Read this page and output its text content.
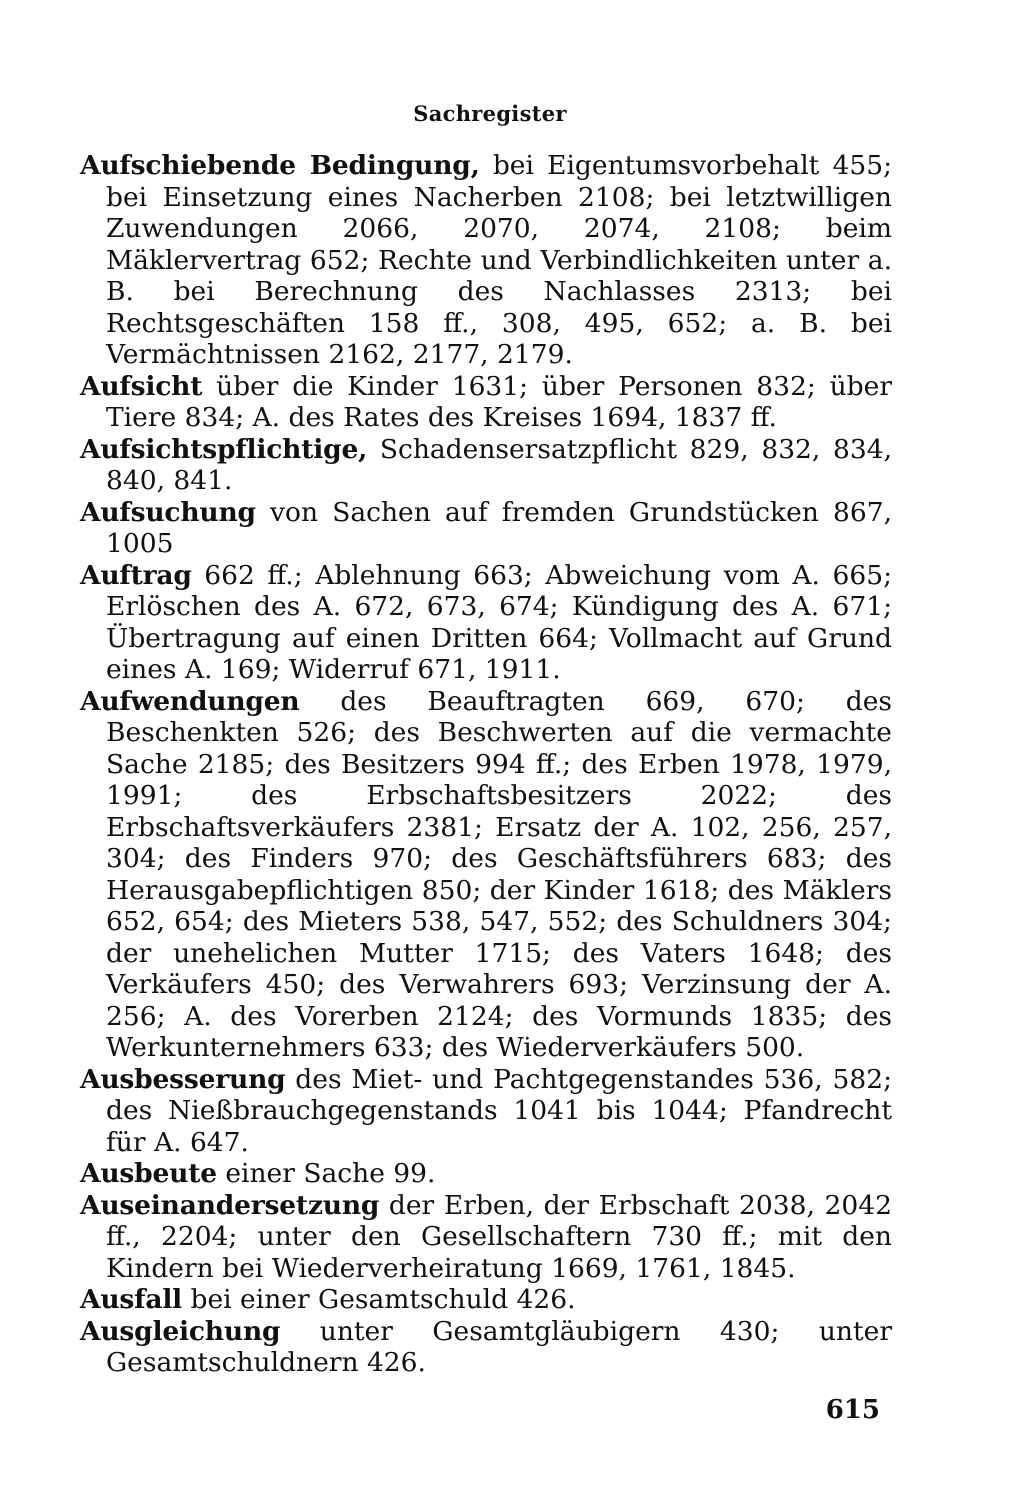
Sachregister

Aufschiebende Bedingung, bei Eigentumsvorbehalt 455; bei Einsetzung eines Nacherben 2108; bei letztwilligen Zuwendungen 2066, 2070, 2074, 2108; beim Mäklervertrag 652; Rechte und Verbindlichkeiten unter a. B. bei Berechnung des Nachlasses 2313; bei Rechtsgeschäften 158 ff., 308, 495, 652; a. B. bei Vermächtnissen 2162, 2177, 2179.

Aufsicht über die Kinder 1631; über Personen 832; über Tiere 834; A. des Rates des Kreises 1694, 1837 ff.

Aufsichtspflichtige, Schadensersatzpflicht 829, 832, 834, 840, 841.

Aufsuchung von Sachen auf fremden Grundstücken 867, 1005

Auftrag 662 ff.; Ablehnung 663; Abweichung vom A. 665; Erlöschen des A. 672, 673, 674; Kündigung des A. 671; Übertragung auf einen Dritten 664; Vollmacht auf Grund eines A. 169; Widerruf 671, 1911.

Aufwendungen des Beauftragten 669, 670; des Beschenkten 526; des Beschwerten auf die vermachte Sache 2185; des Besitzers 994 ff.; des Erben 1978, 1979, 1991; des Erbschaftsbesitzers 2022; des Erbschaftsverkäufers 2381; Ersatz der A. 102, 256, 257, 304; des Finders 970; des Geschäftsführers 683; des Herausgabepflichtigen 850; der Kinder 1618; des Mäklers 652, 654; des Mieters 538, 547, 552; des Schuldners 304; der unehelichen Mutter 1715; des Vaters 1648; des Verkäufers 450; des Verwahrers 693; Verzinsung der A. 256; A. des Vorerben 2124; des Vormunds 1835; des Werkunternehmers 633; des Wiederverkäufers 500.

Ausbesserung des Miet- und Pachtgegenstandes 536, 582; des Nießbrauchgegenstands 1041 bis 1044; Pfandrecht für A. 647.

Ausbeute einer Sache 99.

Auseinandersetzung der Erben, der Erbschaft 2038, 2042 ff., 2204; unter den Gesellschaftern 730 ff.; mit den Kindern bei Wiederverheiratung 1669, 1761, 1845.

Ausfall bei einer Gesamtschuld 426.

Ausgleichung unter Gesamtgläubigern 430; unter Gesamtschuldnern 426.

615
